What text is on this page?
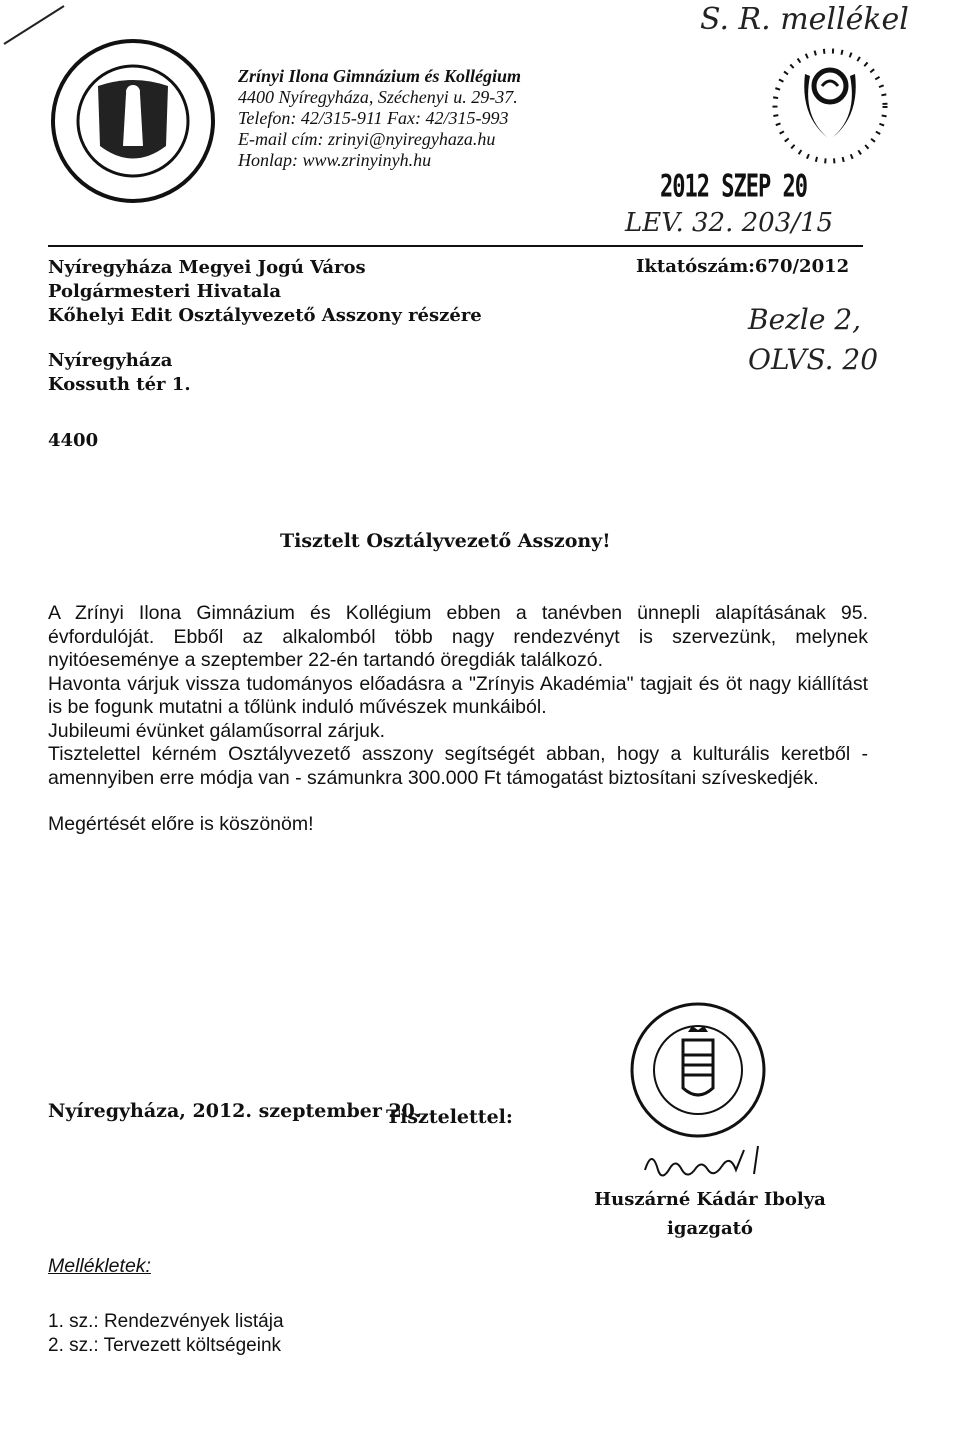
Zrínyi Ilona Gimnázium és Kollégium
4400 Nyíregyháza, Széchenyi u. 29-37.
Telefon: 42/315-911 Fax: 42/315-993
E-mail cím: zrinyi@nyiregyhaza.hu
Honlap: www.zrinyinyh.hu
S. R. mellékel
2012 SZEP 20
LEV. 32. 203/15
Nyíregyháza Megyei Jogú Város
Polgármesteri Hivatala
Kőhelyi Edit Osztályvezető Asszony részére
Nyíregyháza
Kossuth tér 1.
Iktatószám:670/2012
Bezle 2,
OLVS. 20
4400
Tisztelt Osztályvezető Asszony!

A Zrínyi Ilona Gimnázium és Kollégium ebben a tanévben ünnepli alapításának 95. évfordulóját. Ebből az alkalomból több nagy rendezvényt is szervezünk, melynek nyitóeseménye a szeptember 22-én tartandó öregdiák találkozó.

Havonta várjuk vissza tudományos előadásra a "Zrínyis Akadémia" tagjait és öt nagy kiállítást is be fogunk mutatni a tőlünk induló művészek munkáiból.

Jubileumi évünket gálaműsorral zárjuk.

Tisztelettel kérném Osztályvezető asszony segítségét abban, hogy a kulturális keretből - amennyiben erre módja van - számunkra 300.000 Ft támogatást biztosítani szíveskedjék.

Megértését előre is köszönöm!

Nyíregyháza, 2012. szeptember 20.
Tisztelettel:
Huszárné Kádár Ibolya
igazgató
Mellékletek:
1. sz.: Rendezvények listája
2. sz.: Tervezett költségeink
